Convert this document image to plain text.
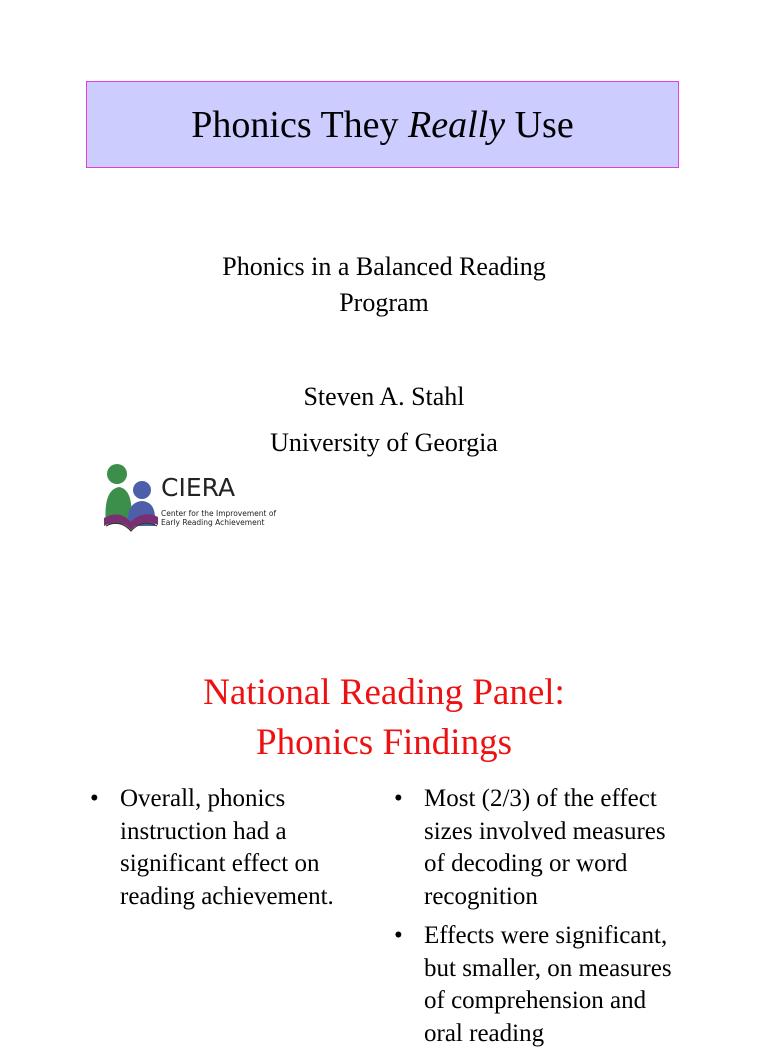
Phonics They Really Use
Phonics in a Balanced Reading
Program
Steven A. Stahl
University of Georgia
CIERA
Center for the Improvement of
Early Reading Achievement
National Reading Panel:
Phonics Findings
• Overall, phonics instruction had a significant effect on reading achievement.
• Most (2/3) of the effect sizes involved measures of decoding or word recognition
• Effects were significant, but smaller, on measures of comprehension and oral reading
